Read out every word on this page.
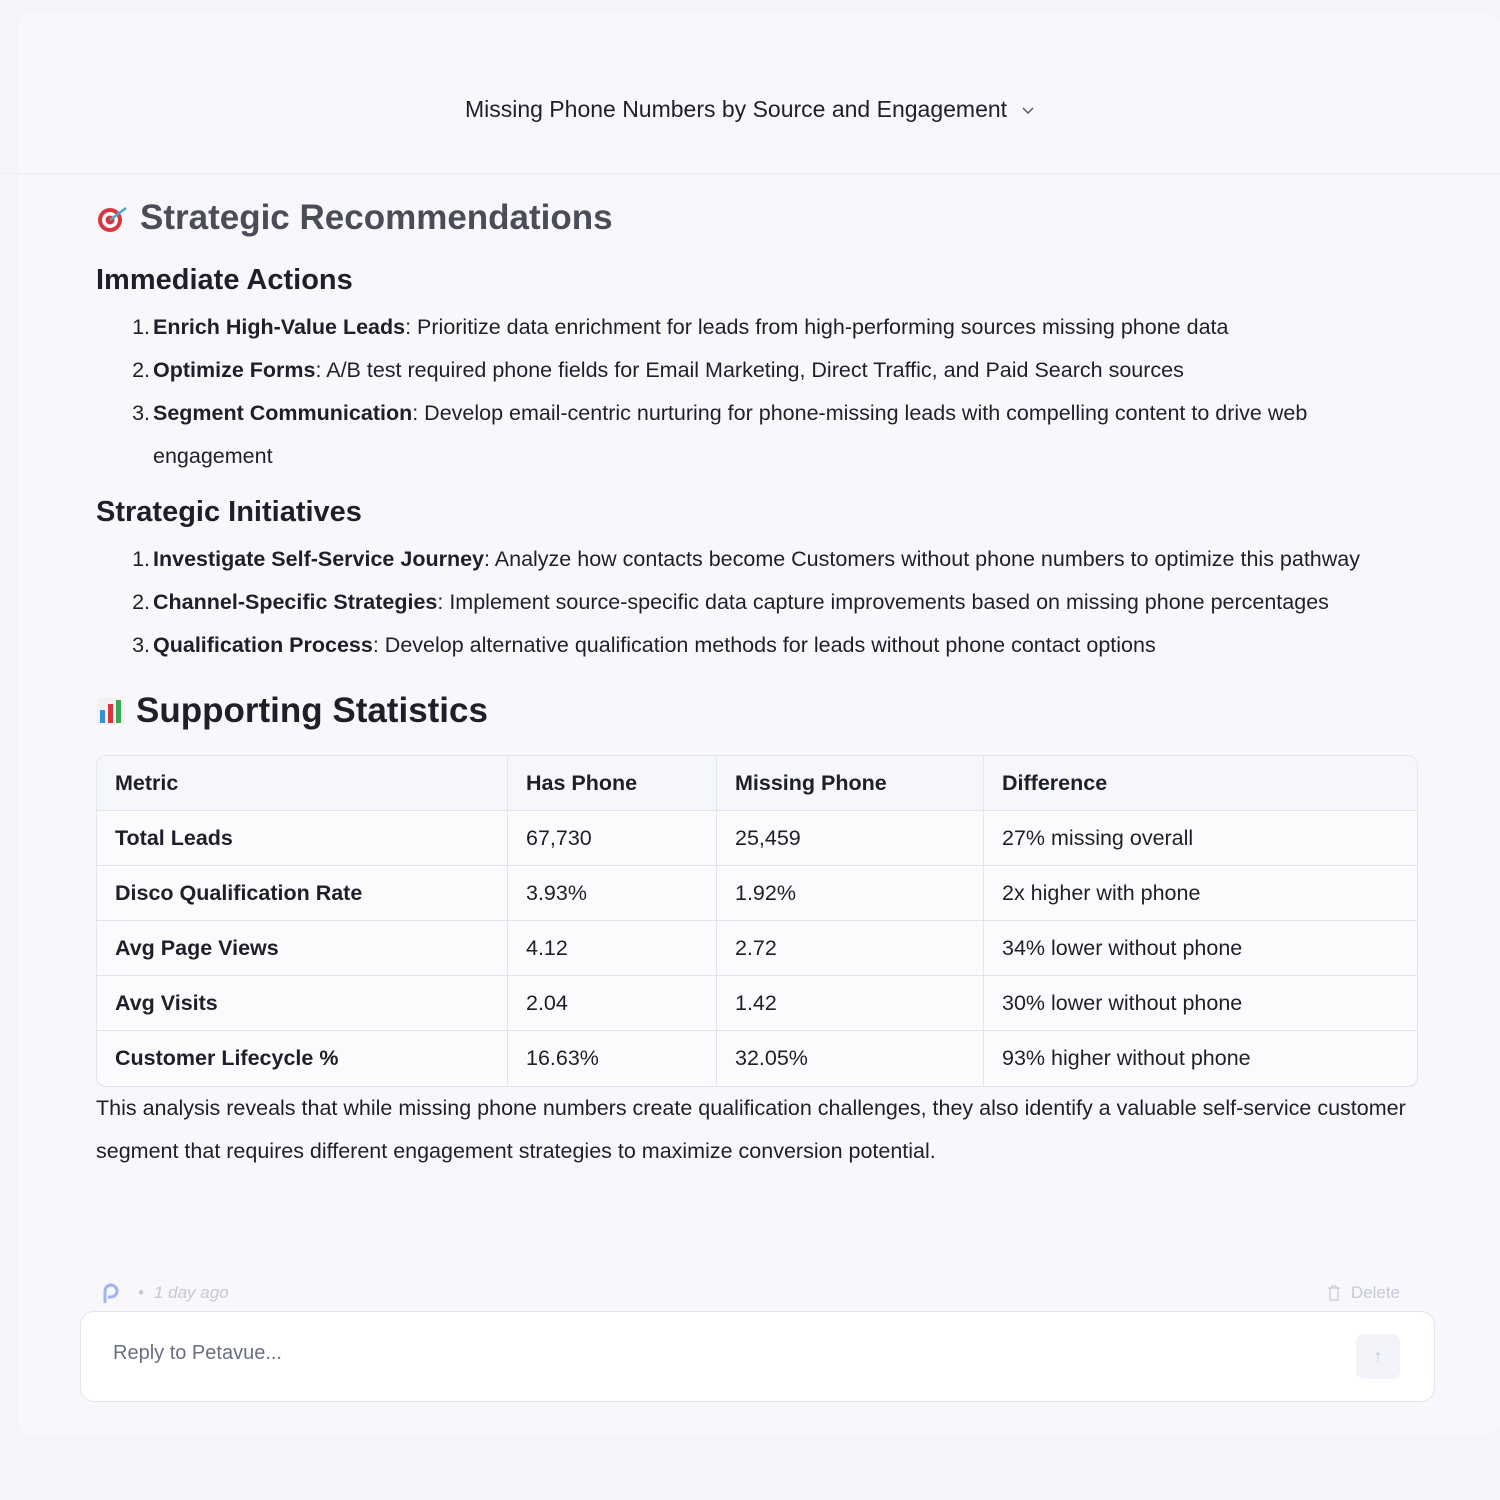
Missing Phone Numbers by Source and Engagement
Strategic Recommendations
Immediate Actions
1. Enrich High-Value Leads: Prioritize data enrichment for leads from high-performing sources missing phone data
2. Optimize Forms: A/B test required phone fields for Email Marketing, Direct Traffic, and Paid Search sources
3. Segment Communication: Develop email-centric nurturing for phone-missing leads with compelling content to drive web engagement
Strategic Initiatives
1. Investigate Self-Service Journey: Analyze how contacts become Customers without phone numbers to optimize this pathway
2. Channel-Specific Strategies: Implement source-specific data capture improvements based on missing phone percentages
3. Qualification Process: Develop alternative qualification methods for leads without phone contact options
Supporting Statistics
Metric	Has Phone	Missing Phone	Difference
Total Leads	67,730	25,459	27% missing overall
Disco Qualification Rate	3.93%	1.92%	2x higher with phone
Avg Page Views	4.12	2.72	34% lower without phone
Avg Visits	2.04	1.42	30% lower without phone
Customer Lifecycle %	16.63%	32.05%	93% higher without phone

This analysis reveals that while missing phone numbers create qualification challenges, they also identify a valuable self-service customer segment that requires different engagement strategies to maximize conversion potential.

• 1 day ago	Delete
Reply to Petavue...
↑
